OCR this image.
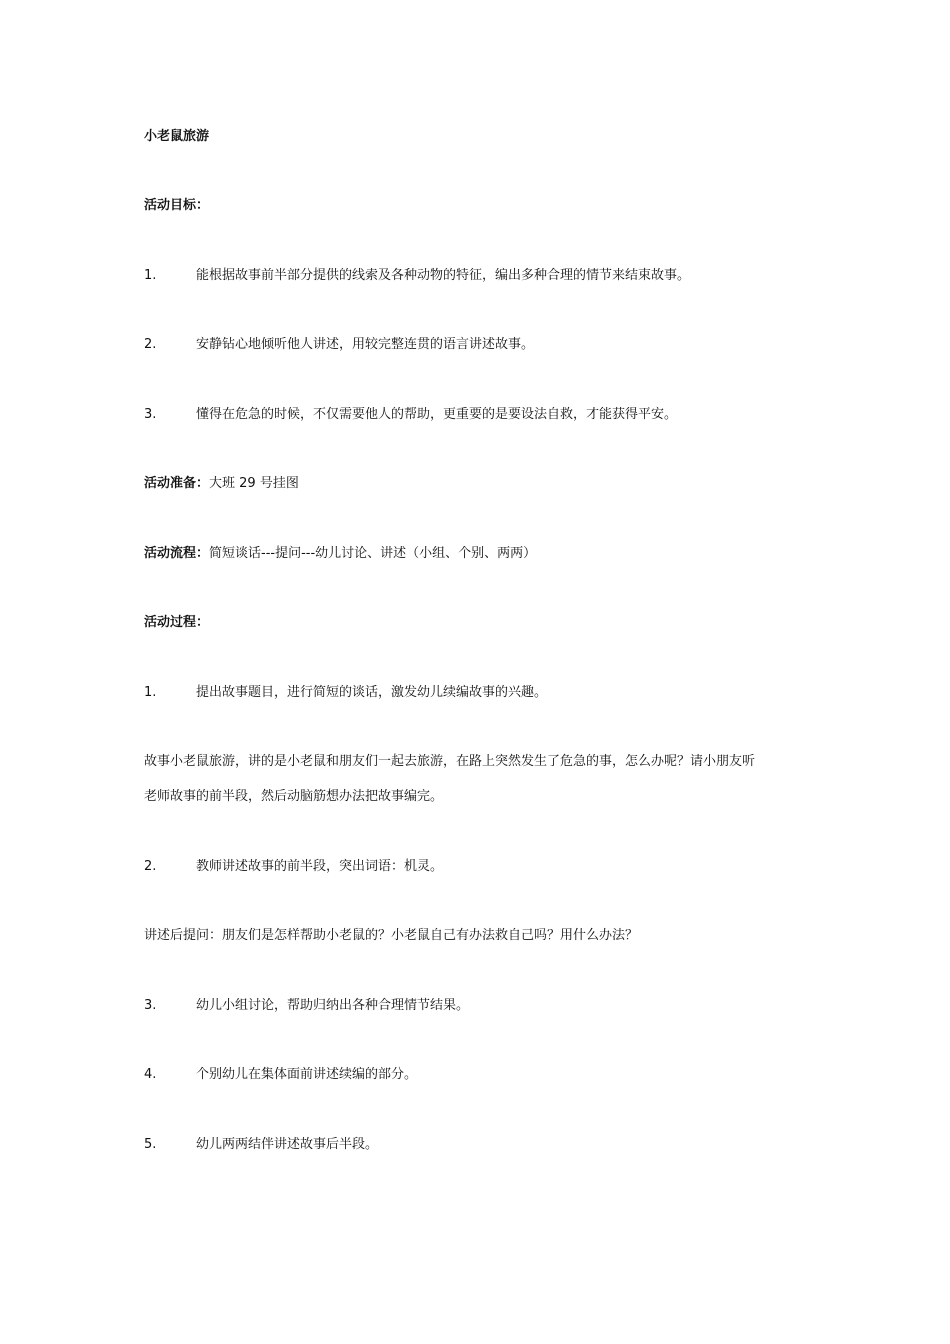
小老鼠旅游
活动目标：
1.	能根据故事前半部分提供的线索及各种动物的特征，编出多种合理的情节来结束故事。
2.	安静钻心地倾听他人讲述，用较完整连贯的语言讲述故事。
3.	懂得在危急的时候，不仅需要他人的帮助，更重要的是要设法自救，才能获得平安。
活动准备：大班 29 号挂图
活动流程：简短谈话---提问---幼儿讨论、讲述（小组、个别、两两）
活动过程：
1.	提出故事题目，进行简短的谈话，激发幼儿续编故事的兴趣。
故事小老鼠旅游，讲的是小老鼠和朋友们一起去旅游，在路上突然发生了危急的事，怎么办呢？请小朋友听
老师故事的前半段，然后动脑筋想办法把故事编完。
2.	教师讲述故事的前半段，突出词语：机灵。
讲述后提问：朋友们是怎样帮助小老鼠的？小老鼠自己有办法救自己吗？用什么办法？
3.	幼儿小组讨论，帮助归纳出各种合理情节结果。
4.	个别幼儿在集体面前讲述续编的部分。
5.	幼儿两两结伴讲述故事后半段。
